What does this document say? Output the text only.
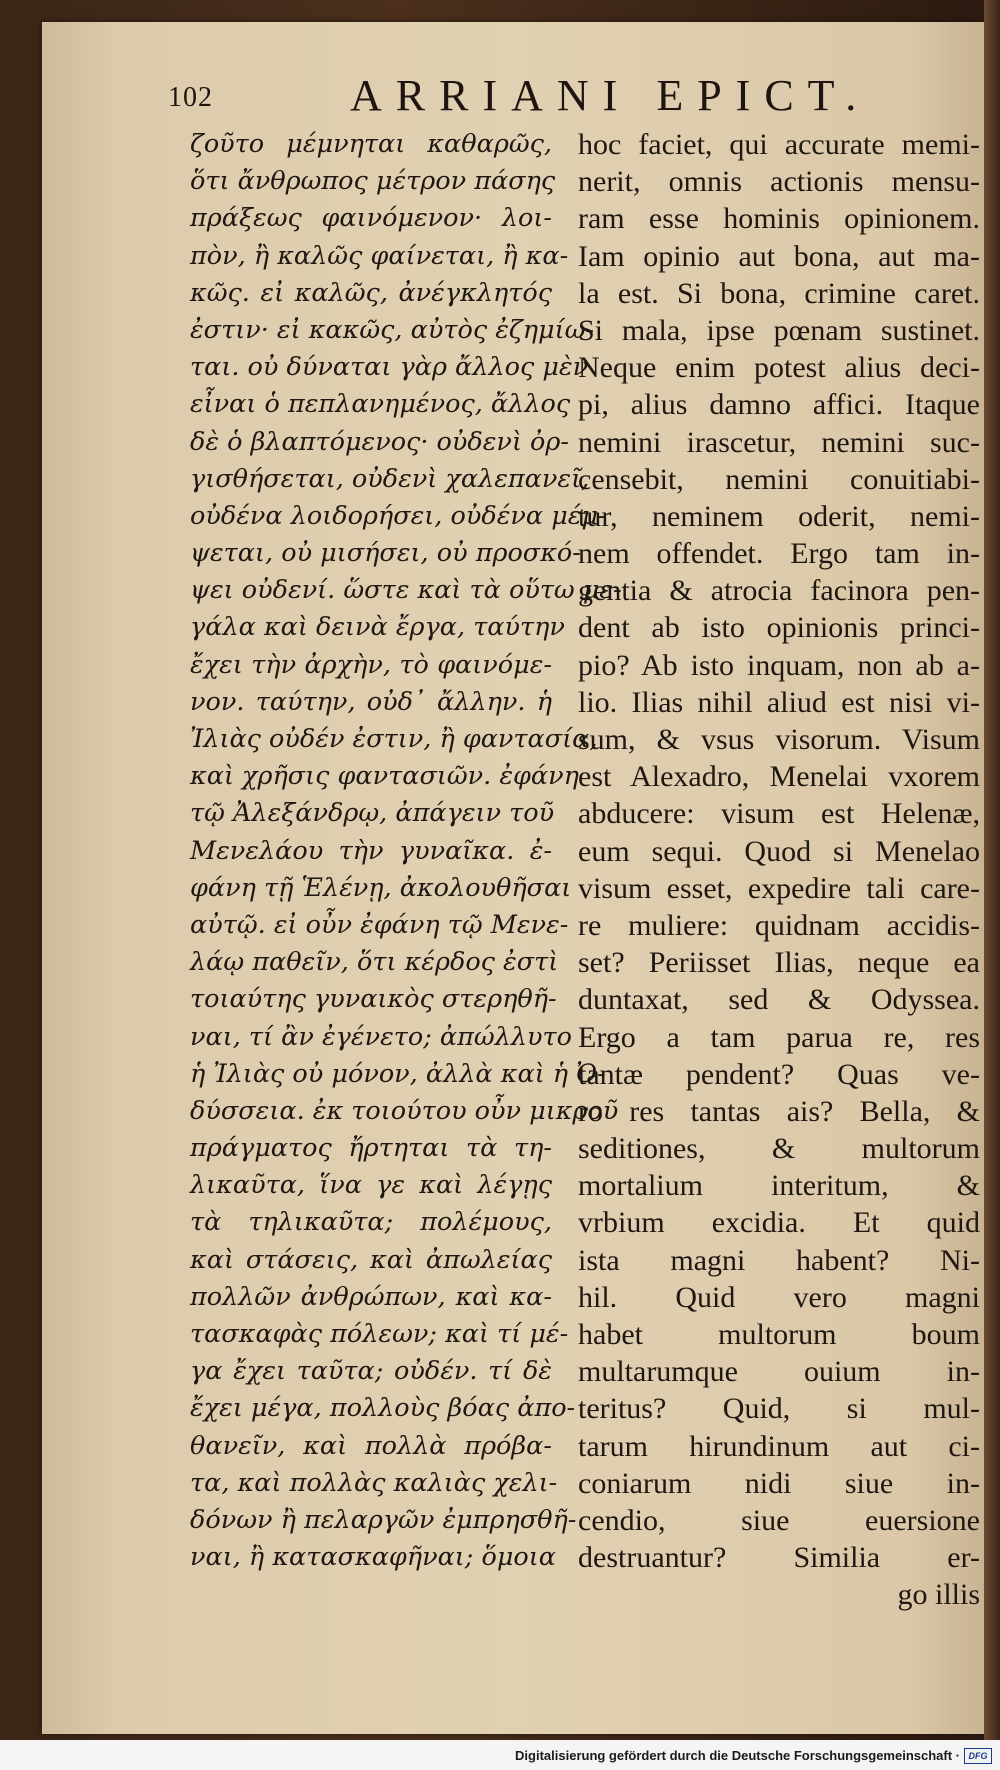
102	ARRIANI EPICT.
ζοῦτο μέμνηται καθαρῶς,
ὅτι ἄνθρωπος μέτρον πάσης
πράξεως φαινόμενον· λοι-
πὸν, ἢ καλῶς φαίνεται, ἢ κα-
κῶς. εἰ καλῶς, ἀνέγκλητός
ἐστιν· εἰ κακῶς, αὐτὸς ἐζημίω-
ται. οὐ δύναται γὰρ ἄλλος μὲν
εἶναι ὁ πεπλανημένος, ἄλλος
δὲ ὁ βλαπτόμενος· οὐδενὶ ὀρ-
γισθήσεται, οὐδενὶ χαλεπανεῖ,
οὐδένα λοιδορήσει, οὐδένα μέμ-
ψεται, οὐ μισήσει, οὐ προσκό-
ψει οὐδενί. ὥστε καὶ τὰ οὕτω με-
γάλα καὶ δεινὰ ἔργα, ταύτην
ἔχει τὴν ἀρχὴν, τὸ φαινόμε-
νον. ταύτην, οὐδ᾽ ἄλλην. ἡ
Ἰλιὰς οὐδέν ἐστιν, ἢ φαντασία,
καὶ χρῆσις φαντασιῶν. ἐφάνη
τῷ Ἀλεξάνδρῳ, ἀπάγειν τοῦ
Μενελάου τὴν γυναῖκα. ἐ-
φάνη τῇ Ἑλένῃ, ἀκολουθῆσαι
αὐτῷ. εἰ οὖν ἐφάνη τῷ Μενε-
λάῳ παθεῖν, ὅτι κέρδος ἐστὶ
τοιαύτης γυναικὸς στερηθῆ-
ναι, τί ἂν ἐγένετο; ἀπώλλυτο
ἡ Ἰλιὰς οὐ μόνον, ἀλλὰ καὶ ἡ Ὀ-
δύσσεια. ἐκ τοιούτου οὖν μικροῦ
πράγματος ἤρτηται τὰ τη-
λικαῦτα, ἵνα γε καὶ λέγῃς
τὰ τηλικαῦτα; πολέμους,
καὶ στάσεις, καὶ ἀπωλείας
πολλῶν ἀνθρώπων, καὶ κα-
τασκαφὰς πόλεων; καὶ τί μέ-
γα ἔχει ταῦτα; οὐδέν. τί δὲ
ἔχει μέγα, πολλοὺς βόας ἀπο-
θανεῖν, καὶ πολλὰ πρόβα-
τα, καὶ πολλὰς καλιὰς χελι-
δόνων ἢ πελαργῶν ἐμπρησθῆ-
ναι, ἢ κατασκαφῆναι; ὅμοια
hoc faciet, qui accurate memi-
nerit, omnis actionis mensu-
ram esse hominis opinionem.
Iam opinio aut bona, aut ma-
la est. Si bona, crimine caret.
Si mala, ipse pœnam sustinet.
Neque enim potest alius deci-
pi, alius damno affici. Itaque
nemini irascetur, nemini suc-
censebit, nemini conuitiabi-
tur, neminem oderit, nemi-
nem offendet. Ergo tam in-
gentia & atrocia facinora pen-
dent ab isto opinionis princi-
pio? Ab isto inquam, non ab a-
lio. Ilias nihil aliud est nisi vi-
sum, & vsus visorum. Visum
est Alexadro, Menelai vxorem
abducere: visum est Helenæ,
eum sequi. Quod si Menelao
visum esset, expedire tali care-
re muliere: quidnam accidis-
set? Periisset Ilias, neque ea
duntaxat, sed & Odyssea.
Ergo a tam parua re, res
tantæ pendent? Quas ve-
ro res tantas ais? Bella, &
seditiones, & multorum
mortalium interitum, &
vrbium excidia. Et quid
ista magni habent? Ni-
hil. Quid vero magni
habet multorum boum
multarumque ouium in-
teritus? Quid, si mul-
tarum hirundinum aut ci-
coniarum nidi siue in-
cendio, siue euersione
destruantur? Similia er-
go illis
Digitalisierung gefördert durch die Deutsche Forschungsgemeinschaft · DFG
